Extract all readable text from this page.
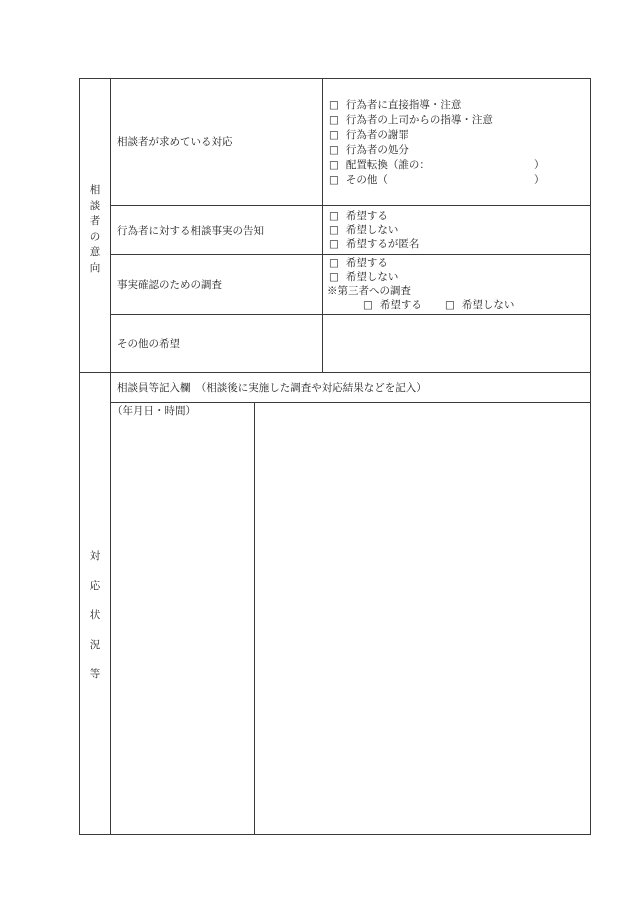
相
談
者
の
意
向
相談者が求めている対応
□ 行為者に直接指導・注意
□ 行為者の上司からの指導・注意
□ 行為者の謝罪
□ 行為者の処分
□ 配置転換（誰の：	）
□ その他（	）
行為者に対する相談事実の告知
□ 希望する
□ 希望しない
□ 希望するが匿名
事実確認のための調査
□ 希望する
□ 希望しない
※第三者への調査
□ 希望する
□	希望しない
その他の希望
対
応
状
況
等
相談員等記入欄　（相談後に実施した調査や対応結果などを記入）
（年月日・時間）
